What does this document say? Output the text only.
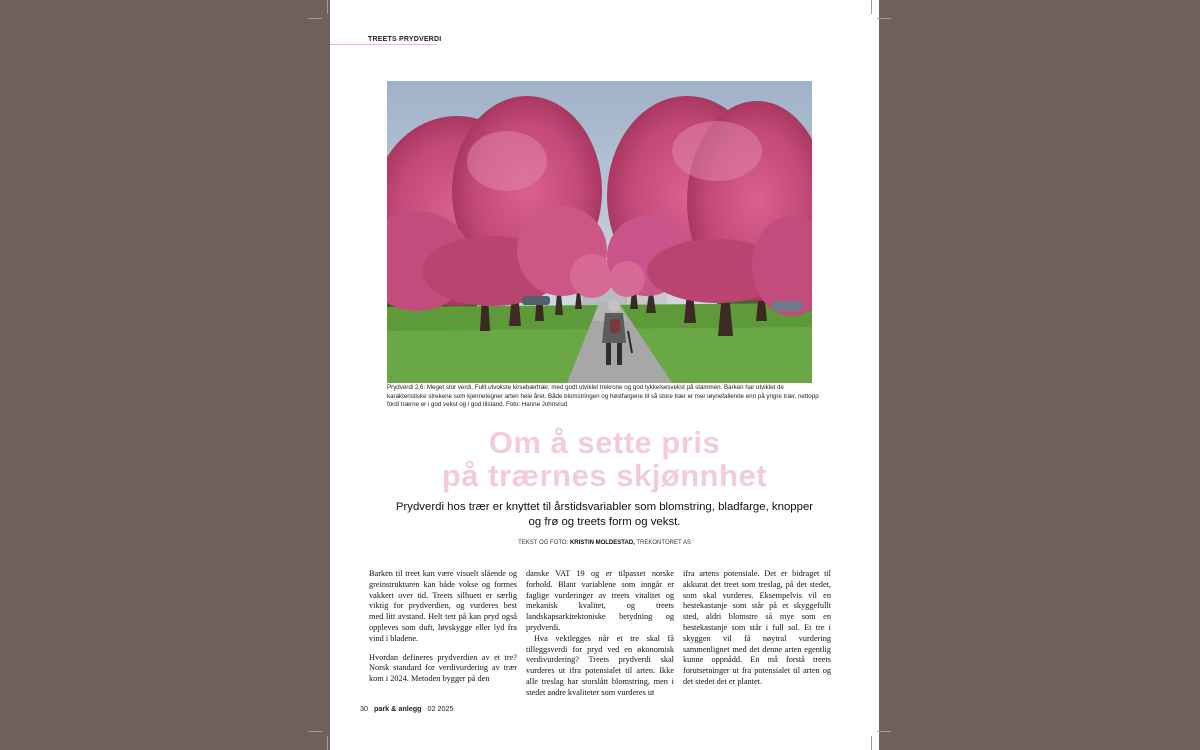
TREETS PRYDVERDI
Prydverdi 2,6: Meget stor verdi. Fullt utvokste kirsebærtrær, med godt utviklet trekrone og god tykkelsesvekst på stammen. Barken har utviklet de karakteristiske strekene som kjennetegner arten hele året. Både blomstringen og høstfargene til så store trær er mer iøynefallende enn på yngre trær, nettopp fordi trærne er i god vekst og i god tilstand. Foto: Hanne Johnsrud
Om å sette pris
på trærnes skjønnhet
Prydverdi hos trær er knyttet til årstidsvariabler som blomstring, bladfarge, knopper og frø og treets form og vekst.
TEKST OG FOTO: KRISTIN MOLDESTAD, TREKONTORET AS

Barken til treet kan være visuelt slående og greinstrukturen kan både vokse og formes vakkert over tid. Treets silhuett er særlig viktig for prydverdien, og vurderes best med litt avstand. Helt tett på kan pryd også oppleves som duft, løvskygge eller lyd fra vind i bladene.

Hvordan defineres prydverdien av et tre? Norsk standard for verdivurdering av trær kom i 2024. Metoden bygger på den

danske VAT 19 og er tilpasset norske forhold. Blant variablene som inngår er faglige vurderinger av treets vitalitet og mekanisk kvalitet, og treets landskapsarkitektoniske betydning og prydverdi.

Hva vektlegges når et tre skal få tilleggsverdi for pryd ved en økonomisk verdivurdering? Treets prydverdi skal vurderes ut ifra potensialet til arten. Ikke alle treslag har storslått blomstring, men i stedet andre kvaliteter som vurderes ut

ifra artens potensiale. Det er bidraget til akkurat det treet som treslag, på det stedet, som skal vurderes. Eksempelvis vil en hestekastanje som står på et skyggefullt sted, aldri blomstre så mye som en hestekastanje som står i full sol. Et tre i skyggen vil få nøytral vurdering sammenlignet med det denne arten egentlig kunne oppnådd. En må forstå treets forutsetninger ut fra potensialet til arten og det stedet det er plantet.

30 park & anlegg 02 2025
